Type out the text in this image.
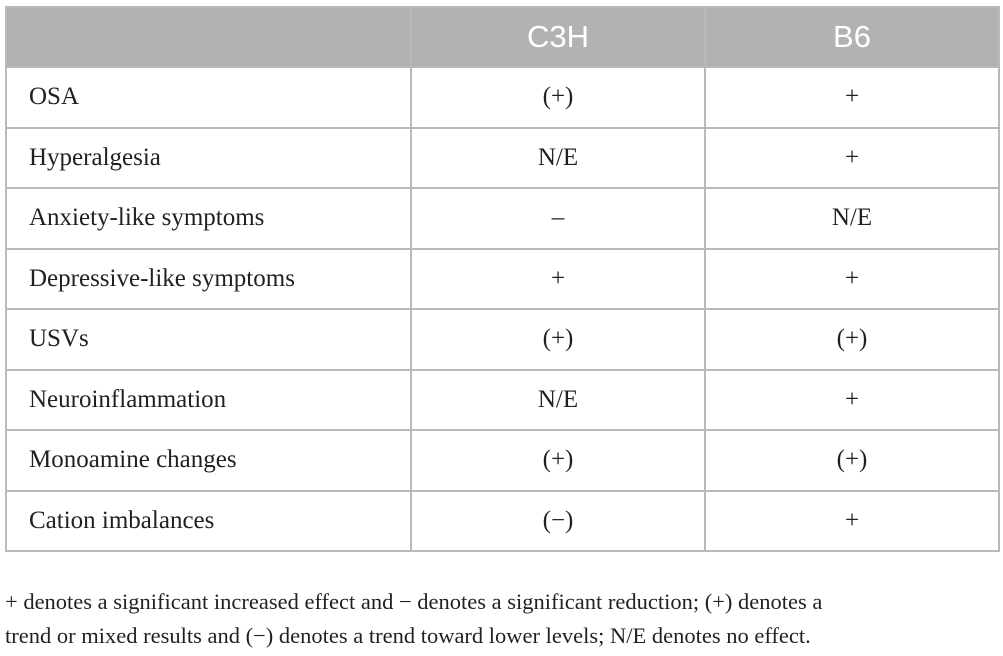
	C3H	B6
OSA	(+)	+
Hyperalgesia	N/E	+
Anxiety-like symptoms	–	N/E
Depressive-like symptoms	+	+
USVs	(+)	(+)
Neuroinflammation	N/E	+
Monoamine changes	(+)	(+)
Cation imbalances	(−)	+
+ denotes a significant increased effect and − denotes a significant reduction; (+) denotes a
trend or mixed results and (−) denotes a trend toward lower levels; N/E denotes no effect.
